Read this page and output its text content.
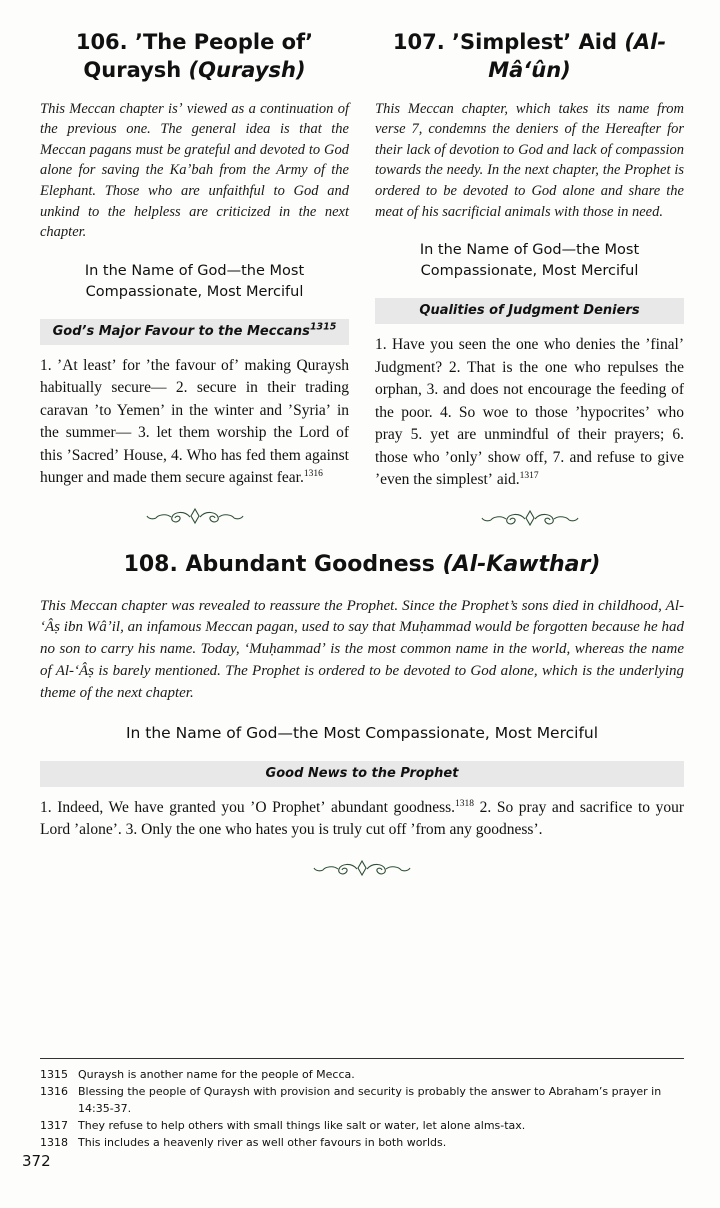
106. ʼThe People ofʼ Quraysh (Quraysh)

This Meccan chapter isʼ viewed as a continuation of the previous one. The general idea is that the Meccan pagans must be grateful and devoted to God alone for saving the Kaʼbah from the Army of the Elephant. Those who are unfaithful to God and unkind to the helpless are criticized in the next chapter.

In the Name of God—the Most Compassionate, Most Merciful
God’s Major Favour to the Meccans$^{1315}$

1. ʼAt leastʼ for ʼthe favour ofʼ making Quraysh habitually secure— 2. secure in their trading caravan ʼto Yemenʼ in the winter and ʼSyriaʼ in the summer— 3. let them worship the Lord of this ʼSacredʼ House, 4. Who has fed them against hunger and made them secure against fear.$^{1316}$

107. ʼSimplestʼ Aid (Al-Mâʻûn)

This Meccan chapter, which takes its name from verse 7, condemns the deniers of the Hereafter for their lack of devotion to God and lack of compassion towards the needy. In the next chapter, the Prophet is ordered to be devoted to God alone and share the meat of his sacrificial animals with those in need.

In the Name of God—the Most Compassionate, Most Merciful
Qualities of Judgment Deniers

1. Have you seen the one who denies the ʼfinalʼ Judgment? 2. That is the one who repulses the orphan, 3. and does not encourage the feeding of the poor. 4. So woe to those ʼhypocritesʼ who pray 5. yet are unmindful of their prayers; 6. those who ʼonlyʼ show off, 7. and refuse to give ʼeven the simplestʼ aid.$^{1317}$

108. Abundant Goodness (Al-Kawthar)

This Meccan chapter was revealed to reassure the Prophet. Since the Prophet’s sons died in childhood, Al-ʻÂṣ ibn Wâʼil, an infamous Meccan pagan, used to say that Muḥammad would be forgotten because he had no son to carry his name. Today, ʻMuḥammadʼ is the most common name in the world, whereas the name of Al-ʻÂṣ is barely mentioned. The Prophet is ordered to be devoted to God alone, which is the underlying theme of the next chapter.

In the Name of God—the Most Compassionate, Most Merciful
Good News to the Prophet

1. Indeed, We have granted you ʼO Prophetʼ abundant goodness.$^{1318}$ 2. So pray and sacrifice to your Lord ʼaloneʼ. 3. Only the one who hates you is truly cut off ʼfrom any goodnessʼ.

1315 Quraysh is another name for the people of Mecca.
1316 Blessing the people of Quraysh with provision and security is probably the answer to Abraham’s prayer in 14:35-37.
1317 They refuse to help others with small things like salt or water, let alone alms-tax.
1318 This includes a heavenly river as well other favours in both worlds.
372
